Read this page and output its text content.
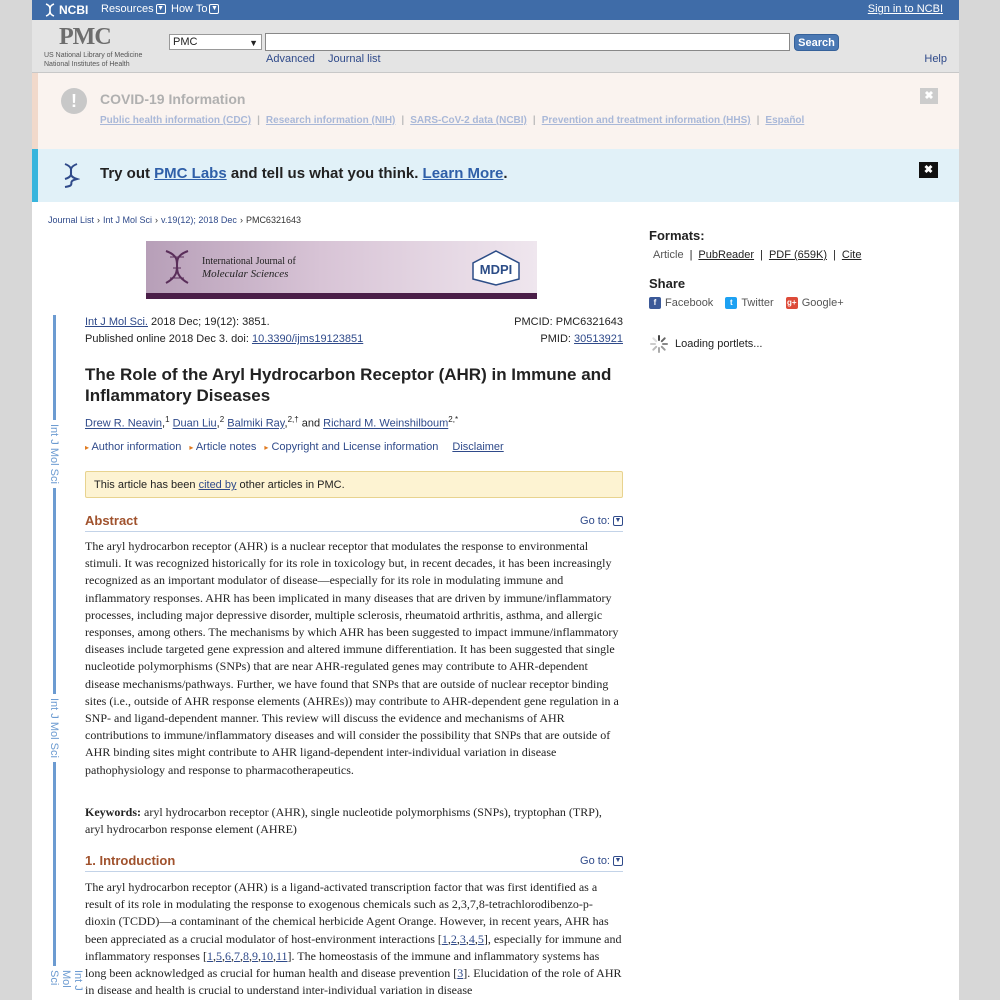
NCBI Resources ▼ How To ▼	Sign in to NCBI
PMC
US National Library of Medicine
National Institutes of Health
PMC	▼	Search
Advanced Journal list	Help
!	COVID-19 Information
Public health information (CDC) | Research information (NIH) | SARS-CoV-2 data (NCBI) | Prevention and treatment information (HHS) | Español
✖
Try out PMC Labs and tell us what you think. Learn More.	✖
Journal List › Int J Mol Sci › v.19(12); 2018 Dec › PMC6321643
International Journal of
Molecular Sciences	MDPI
Int J Mol Sci
Int J Mol Sci
Int J Mol Sci
Int J Mol Sci. 2018 Dec; 19(12): 3851.	PMCID: PMC6321643
Published online 2018 Dec 3. doi: 10.3390/ijms19123851	PMID: 30513921
The Role of the Aryl Hydrocarbon Receptor (AHR) in Immune and Inflammatory Diseases
Drew R. Neavin,$^1$ Duan Liu,$^2$ Balmiki Ray,$^{2,\dagger}$ and Richard M. Weinshilboum$^{2,*}$
▸ Author information ▸ Article notes ▸ Copyright and License information Disclaimer
This article has been cited by other articles in PMC.
Abstract	Go to: ▼
The aryl hydrocarbon receptor (AHR) is a nuclear receptor that modulates the response to environmental stimuli. It was recognized historically for its role in toxicology but, in recent decades, it has been increasingly recognized as an important modulator of disease—especially for its role in modulating immune and inflammatory responses. AHR has been implicated in many diseases that are driven by immune/inflammatory processes, including major depressive disorder, multiple sclerosis, rheumatoid arthritis, asthma, and allergic responses, among others. The mechanisms by which AHR has been suggested to impact immune/inflammatory diseases include targeted gene expression and altered immune differentiation. It has been suggested that single nucleotide polymorphisms (SNPs) that are near AHR-regulated genes may contribute to AHR-dependent disease mechanisms/pathways. Further, we have found that SNPs that are outside of nuclear receptor binding sites (i.e., outside of AHR response elements (AHREs)) may contribute to AHR-dependent gene regulation in a SNP- and ligand-dependent manner. This review will discuss the evidence and mechanisms of AHR contributions to immune/inflammatory diseases and will consider the possibility that SNPs that are outside of AHR binding sites might contribute to AHR ligand-dependent inter-individual variation in disease pathophysiology and response to pharmacotherapeutics.
Keywords: aryl hydrocarbon receptor (AHR), single nucleotide polymorphisms (SNPs), tryptophan (TRP), aryl hydrocarbon response element (AHRE)
1. Introduction	Go to: ▼
The aryl hydrocarbon receptor (AHR) is a ligand-activated transcription factor that was first identified as a result of its role in modulating the response to exogenous chemicals such as 2,3,7,8-tetrachlorodibenzo-p-dioxin (TCDD)—a contaminant of the chemical herbicide Agent Orange. However, in recent years, AHR has been appreciated as a crucial modulator of host-environment interactions [1,2,3,4,5], especially for immune and inflammatory responses [1,5,6,7,8,9,10,11]. The homeostasis of the immune and inflammatory systems has long been acknowledged as crucial for human health and disease prevention [3]. Elucidation of the role of AHR in disease and health is crucial to understand inter-individual variation in disease
Formats:
Article | PubReader | PDF (659K) | Cite
Share
f Facebook	t Twitter g+ Google+
Loading portlets...
